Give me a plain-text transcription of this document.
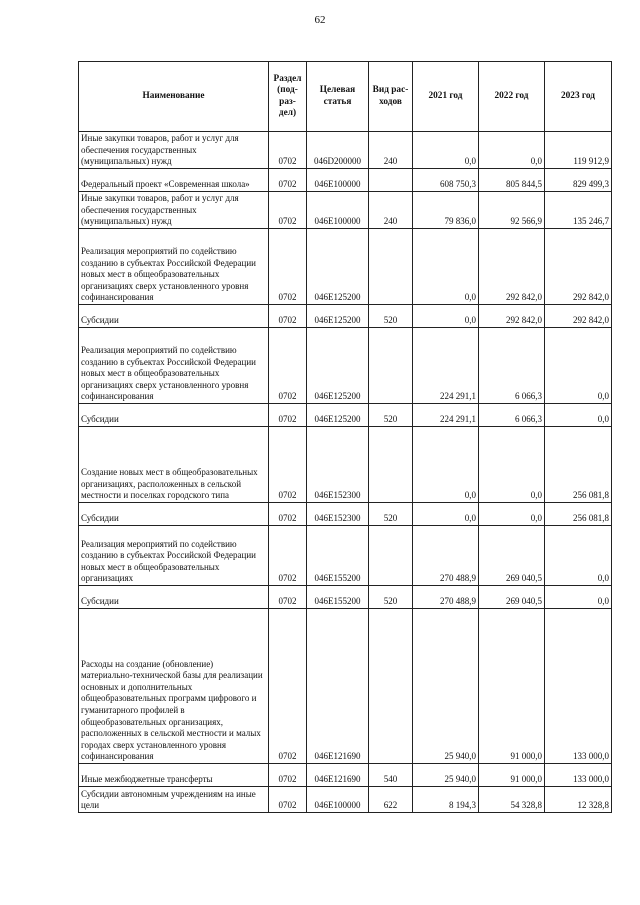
62
Наименование	Раздел (под-раз-дел)	Целевая статья	Вид рас-ходов	2021 год	2022 год	2023 год
Иные закупки товаров, работ и услуг для обеспечения государственных (муниципальных) нужд	0702	046D200000	240	0,0	0,0	119 912,9
Федеральный проект «Современная школа»	0702	046E100000		608 750,3	805 844,5	829 499,3
Иные закупки товаров, работ и услуг для обеспечения государственных (муниципальных) нужд	0702	046E100000	240	79 836,0	92 566,9	135 246,7
Реализация мероприятий по содействию созданию в субъектах Российской Федерации новых мест в общеобразовательных организациях сверх установленного уровня софинансирования	0702	046E125200		0,0	292 842,0	292 842,0
Субсидии	0702	046E125200	520	0,0	292 842,0	292 842,0
Реализация мероприятий по содействию созданию в субъектах Российской Федерации новых мест в общеобразовательных организациях сверх установленного уровня софинансирования	0702	046E125200		224 291,1	6 066,3	0,0
Субсидии	0702	046E125200	520	224 291,1	6 066,3	0,0
Создание новых мест в общеобразовательных организациях, расположенных в сельской местности и поселках городского типа	0702	046E152300		0,0	0,0	256 081,8
Субсидии	0702	046E152300	520	0,0	0,0	256 081,8
Реализация мероприятий по содействию созданию в субъектах Российской Федерации новых мест в общеобразовательных организациях	0702	046E155200		270 488,9	269 040,5	0,0
Субсидии	0702	046E155200	520	270 488,9	269 040,5	0,0
Расходы на создание (обновление) материально-технической базы для реализации основных и дополнительных общеобразовательных программ цифрового и гуманитарного профилей в общеобразовательных организациях, расположенных в сельской местности и малых городах сверх установленного уровня софинансирования	0702	046E121690		25 940,0	91 000,0	133 000,0
Иные межбюджетные трансферты	0702	046E121690	540	25 940,0	91 000,0	133 000,0
Субсидии автономным учреждениям на иные цели	0702	046E100000	622	8 194,3	54 328,8	12 328,8
